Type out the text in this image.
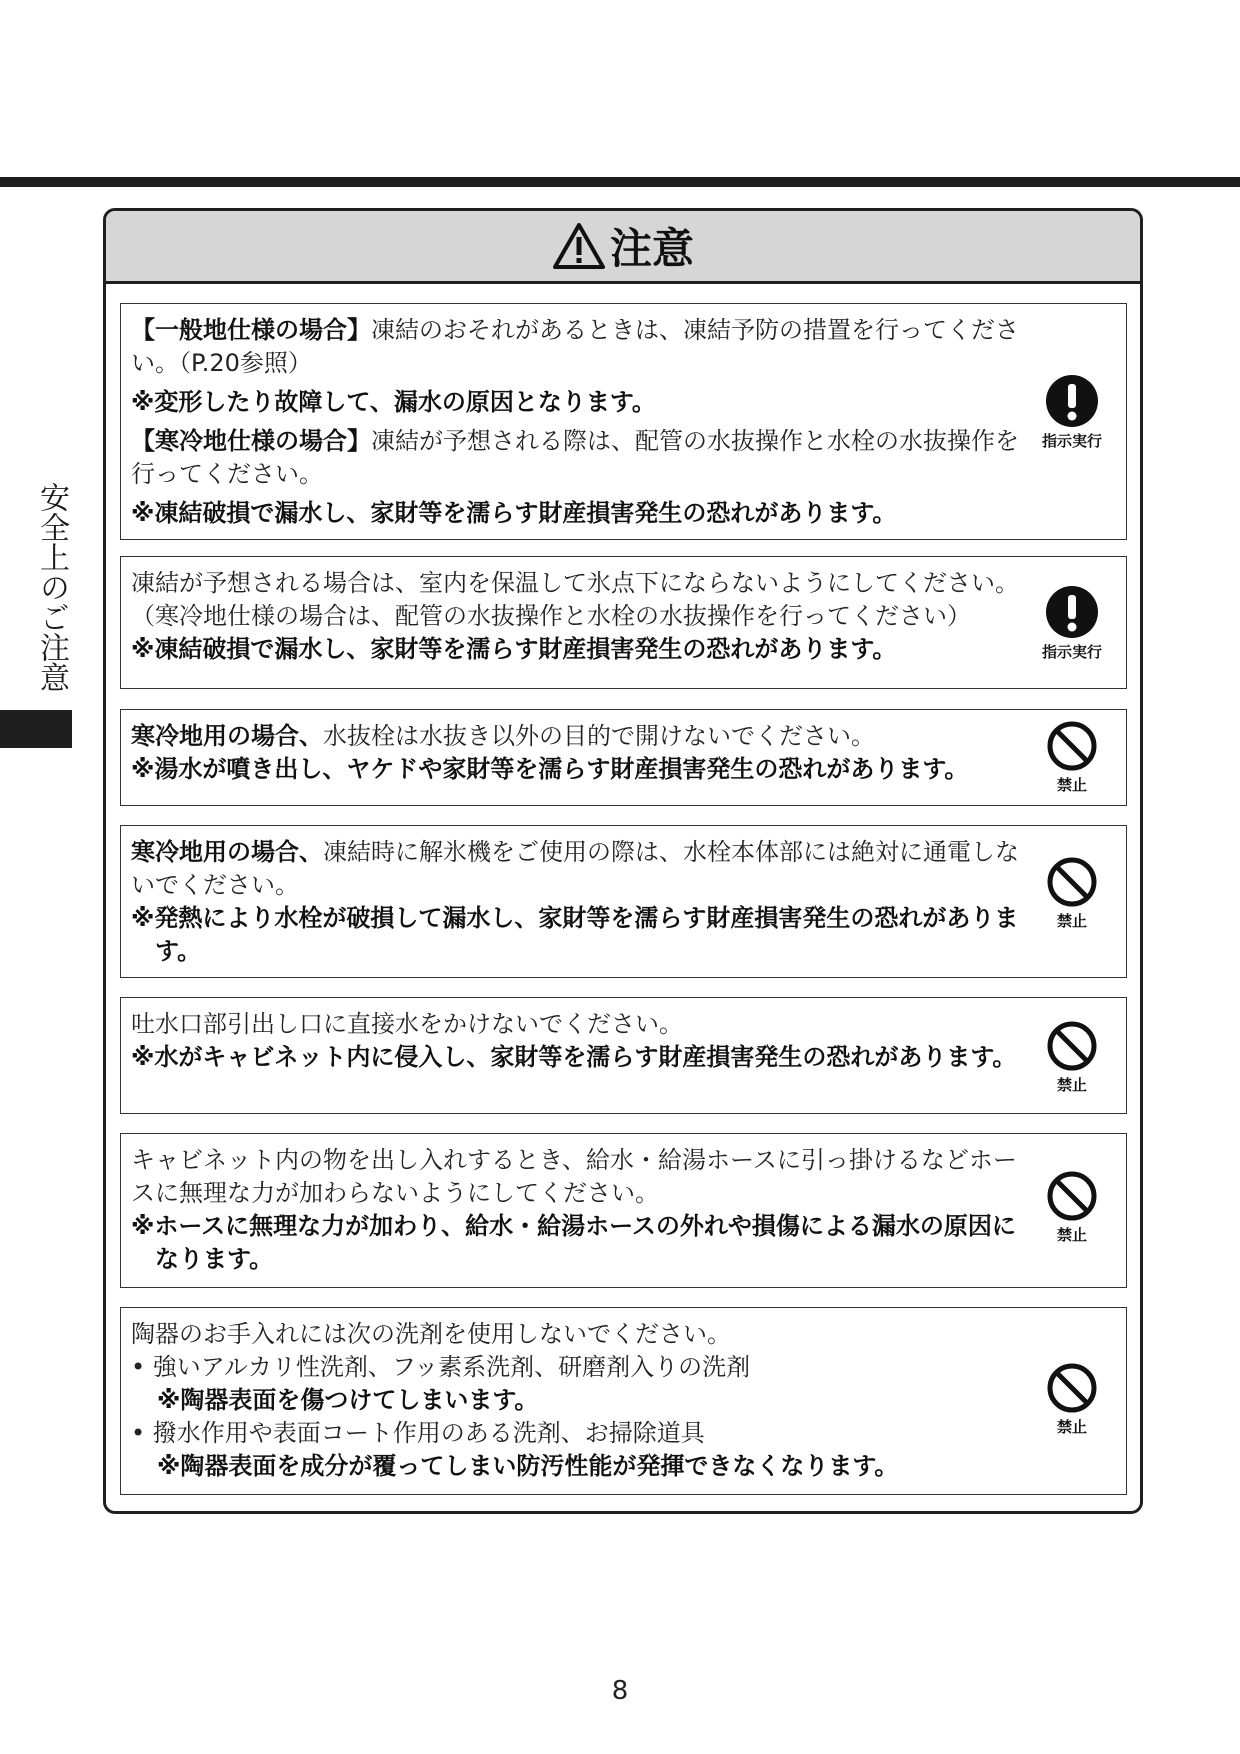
安全上のご注意
注意

【一般地仕様の場合】凍結のおそれがあるときは、凍結予防の措置を行ってください。（P.20参照）

※変形したり故障して、漏水の原因となります。

【寒冷地仕様の場合】凍結が予想される際は、配管の水抜操作と水栓の水抜操作を行ってください。

※凍結破損で漏水し、家財等を濡らす財産損害発生の恐れがあります。

指示実行

凍結が予想される場合は、室内を保温して氷点下にならないようにしてください。

（寒冷地仕様の場合は、配管の水抜操作と水栓の水抜操作を行ってください）

※凍結破損で漏水し、家財等を濡らす財産損害発生の恐れがあります。	指示実行

寒冷地用の場合、水抜栓は水抜き以外の目的で開けないでください。

※湯水が噴き出し、ヤケドや家財等を濡らす財産損害発生の恐れがあります。

禁止

寒冷地用の場合、凍結時に解氷機をご使用の際は、水栓本体部には絶対に通電しないでください。

※発熱により水栓が破損して漏水し、家財等を濡らす財産損害発生の恐れがあります。

禁止

吐水口部引出し口に直接水をかけないでください。

※水がキャビネット内に侵入し、家財等を濡らす財産損害発生の恐れがあります。

禁止

キャビネット内の物を出し入れするとき、給水・給湯ホースに引っ掛けるなどホースに無理な力が加わらないようにしてください。

※ホースに無理な力が加わり、給水・給湯ホースの外れや損傷による漏水の原因になります。

禁止

陶器のお手入れには次の洗剤を使用しないでください。

• 強いアルカリ性洗剤、フッ素系洗剤、研磨剤入りの洗剤

※陶器表面を傷つけてしまいます。

• 撥水作用や表面コート作用のある洗剤、お掃除道具

※陶器表面を成分が覆ってしまい防汚性能が発揮できなくなります。

禁止
8
